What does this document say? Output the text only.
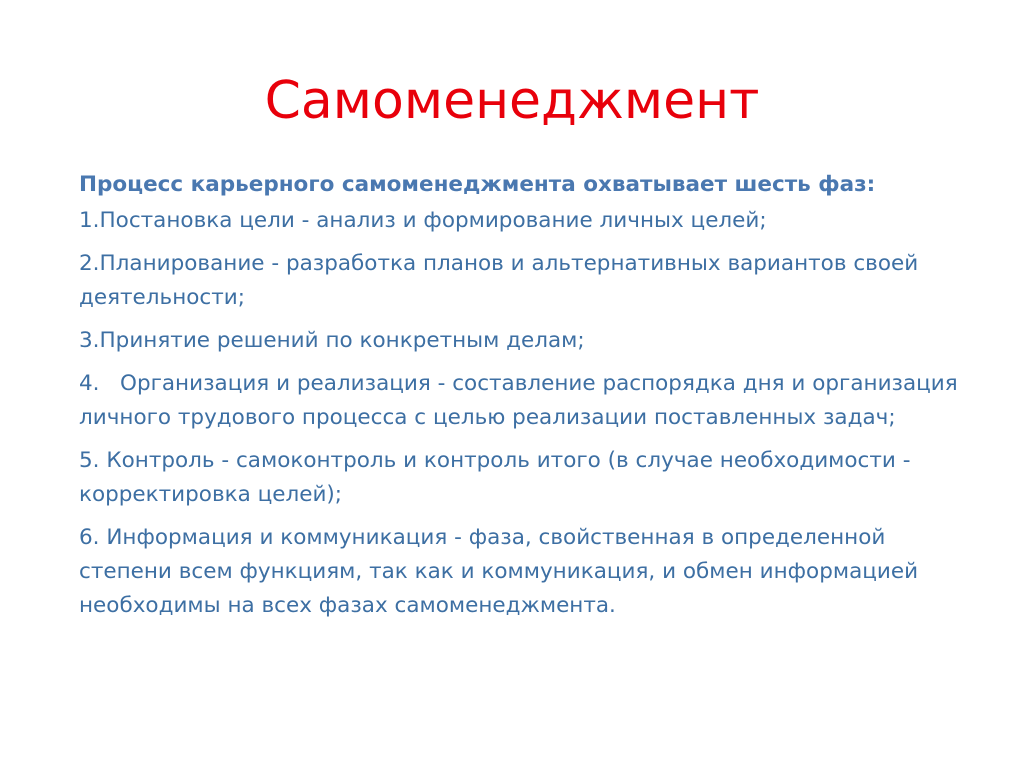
Самоменеджмент

Процесс карьерного самоменеджмента охватывает шесть фаз:

1.Постановка цели - анализ и формирование личных целей;

2.Планирование - разработка планов и альтернативных вариантов своей деятельности;

3.Принятие решений по конкретным делам;

4.   Организация и реализация - составление распорядка дня и организация личного трудового процесса с целью реализации поставленных задач;

5. Контроль - самоконтроль и контроль итого (в случае необходимости - корректировка целей);

6. Информация и коммуникация - фаза, свойственная в определенной степени всем функциям, так как и коммуникация, и обмен информацией необходимы на всех фазах самоменеджмента.
